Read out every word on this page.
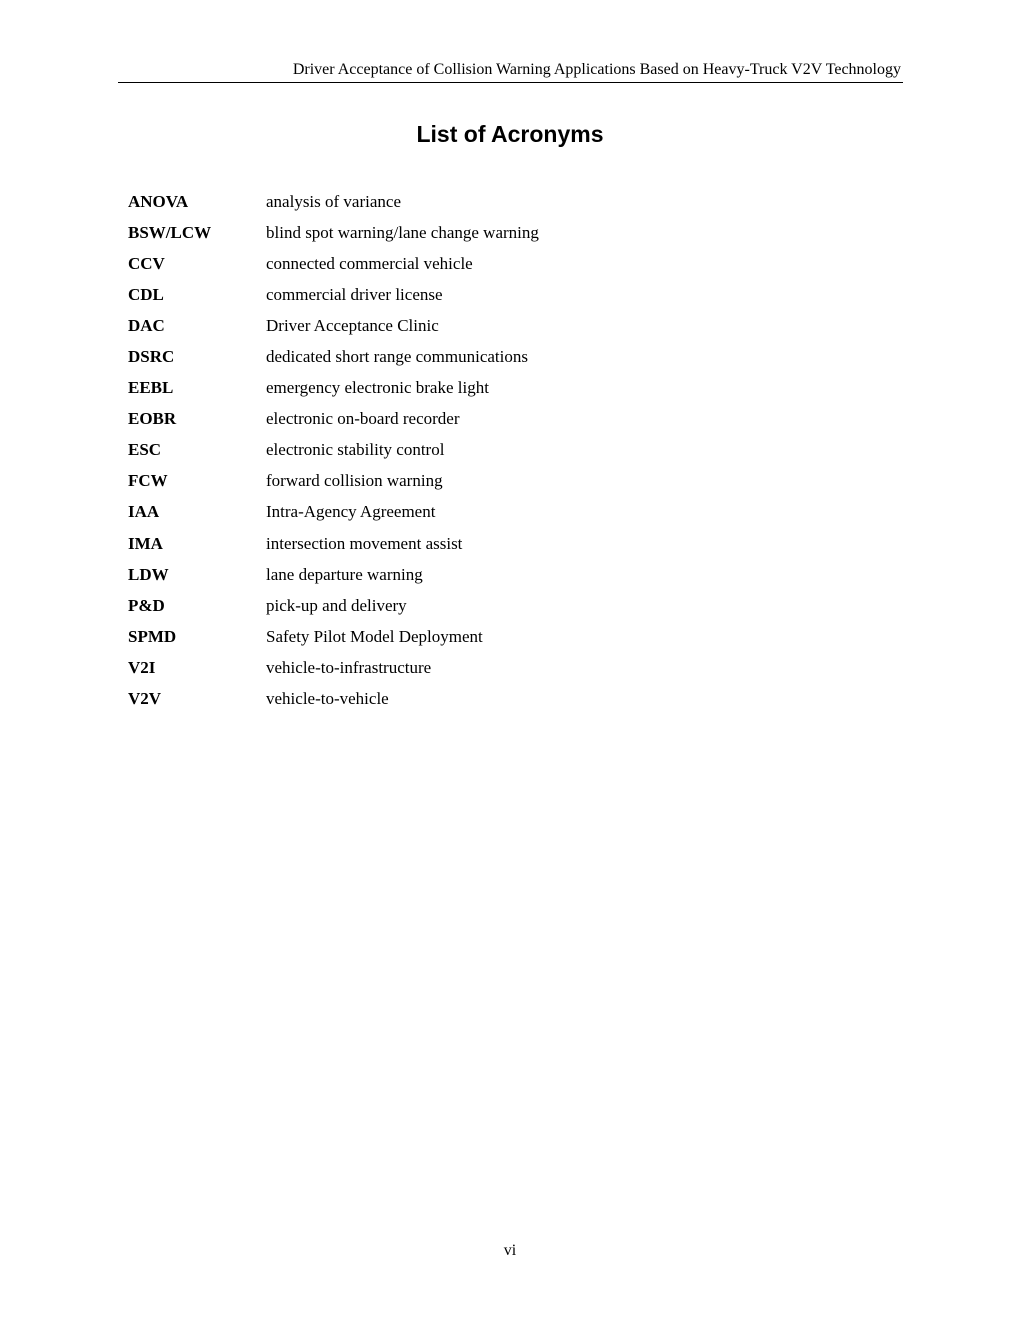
Driver Acceptance of Collision Warning Applications Based on Heavy-Truck V2V Technology
List of Acronyms
ANOVA	analysis of variance
BSW/LCW	blind spot warning/lane change warning
CCV	connected commercial vehicle
CDL	commercial driver license
DAC	Driver Acceptance Clinic
DSRC	dedicated short range communications
EEBL	emergency electronic brake light
EOBR	electronic on-board recorder
ESC	electronic stability control
FCW	forward collision warning
IAA	Intra-Agency Agreement
IMA	intersection movement assist
LDW	lane departure warning
P&D	pick-up and delivery
SPMD	Safety Pilot Model Deployment
V2I	vehicle-to-infrastructure
V2V	vehicle-to-vehicle
vi
